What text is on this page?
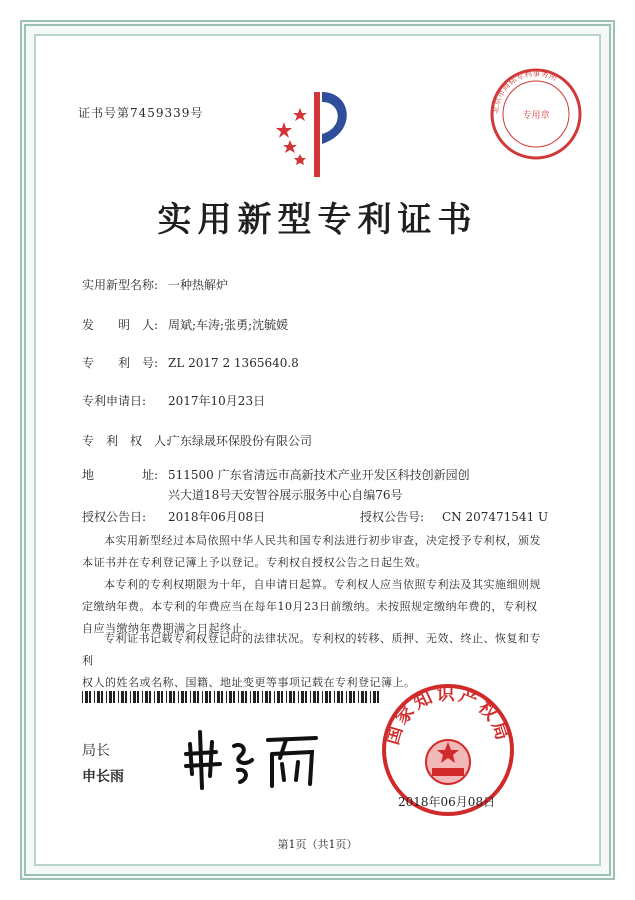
证书号第7459339号
实用新型专利证书
北京市商标专利事务所
专用章
实用新型名称: 一种热解炉
发　　明　人: 周斌;车涛;张勇;沈毓媛
专　　利　号: ZL 2017 2 1365640.8
专利申请日: 2017年10月23日
专　利　权　人:广东绿晟环保股份有限公司
地　　　　址: 511500 广东省清远市高新技术产业开发区科技创新园创
兴大道18号天安智谷展示服务中心自编76号
授权公告日: 2018年06月08日	授权公告号: CN 207471541 U
本实用新型经过本局依照中华人民共和国专利法进行初步审查，决定授予专利权，颁发
本证书并在专利登记簿上予以登记。专利权自授权公告之日起生效。
本专利的专利权期限为十年，自申请日起算。专利权人应当依照专利法及其实施细则规
定缴纳年费。本专利的年费应当在每年10月23日前缴纳。未按照规定缴纳年费的，专利权
自应当缴纳年费期满之日起终止。
专利证书记载专利权登记时的法律状况。专利权的转移、质押、无效、终止、恢复和专利
权人的姓名或名称、国籍、地址变更等事项记载在专利登记簿上。
局长
申长雨
国家知识产权局
2018年06月08日
第1页（共1页）
